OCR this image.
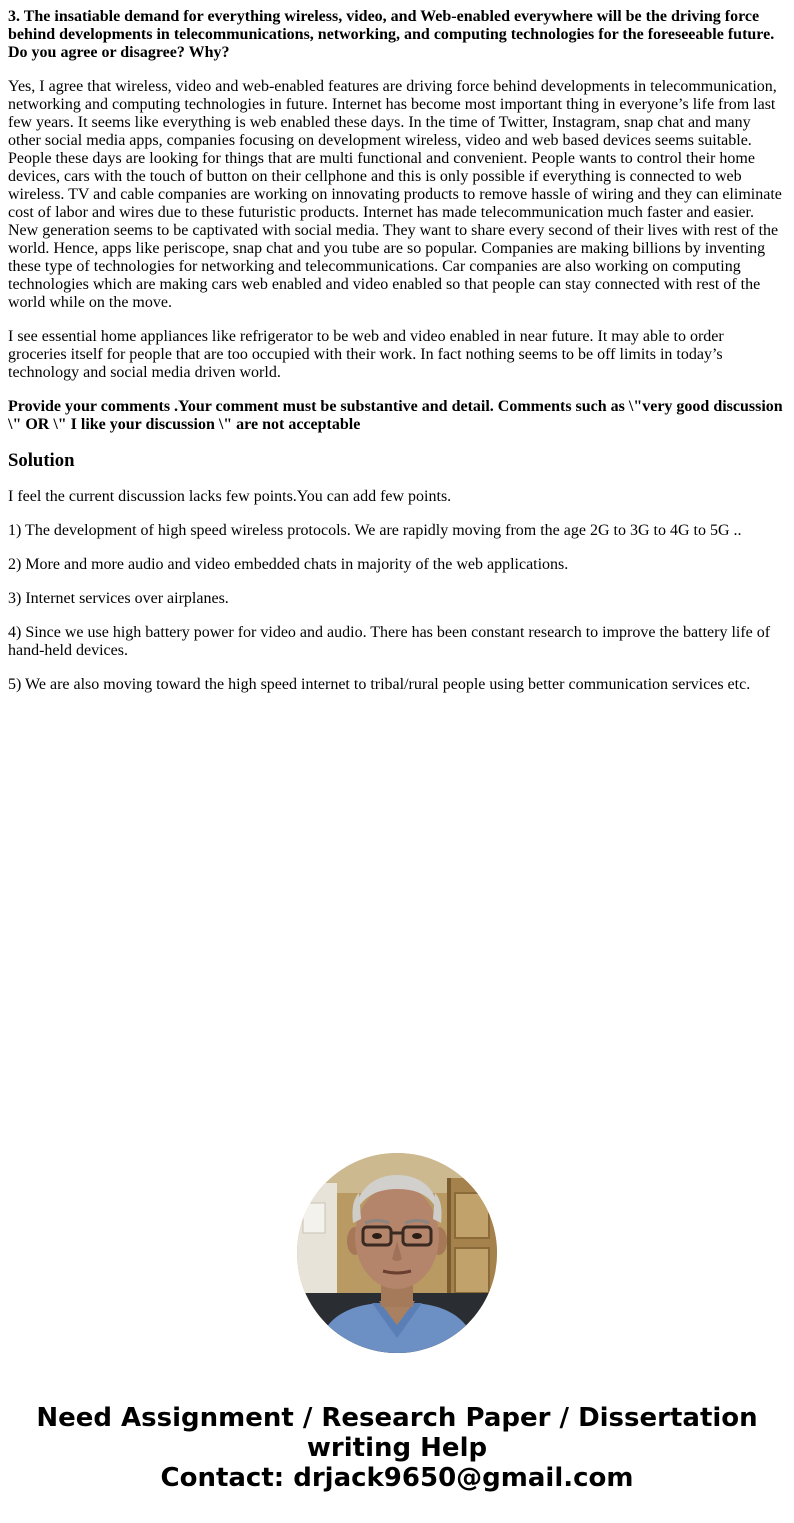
3. The insatiable demand for everything wireless, video, and Web-enabled everywhere will be the driving force behind developments in telecommunications, networking, and computing technologies for the foreseeable future. Do you agree or disagree? Why?

Yes, I agree that wireless, video and web-enabled features are driving force behind developments in telecommunication, networking and computing technologies in future. Internet has become most important thing in everyone’s life from last few years. It seems like everything is web enabled these days. In the time of Twitter, Instagram, snap chat and many other social media apps, companies focusing on development wireless, video and web based devices seems suitable. People these days are looking for things that are multi functional and convenient. People wants to control their home devices, cars with the touch of button on their cellphone and this is only possible if everything is connected to web wireless. TV and cable companies are working on innovating products to remove hassle of wiring and they can eliminate cost of labor and wires due to these futuristic products. Internet has made telecommunication much faster and easier. New generation seems to be captivated with social media. They want to share every second of their lives with rest of the world. Hence, apps like periscope, snap chat and you tube are so popular. Companies are making billions by inventing these type of technologies for networking and telecommunications. Car companies are also working on computing technologies which are making cars web enabled and video enabled so that people can stay connected with rest of the world while on the move.

I see essential home appliances like refrigerator to be web and video enabled in near future. It may able to order groceries itself for people that are too occupied with their work. In fact nothing seems to be off limits in today’s technology and social media driven world.

Provide your comments .Your comment must be substantive and detail. Comments such as \"very good discussion \" OR \" I like your discussion \" are not acceptable

Solution

I feel the current discussion lacks few points.You can add few points.

1) The development of high speed wireless protocols. We are rapidly moving from the age 2G to 3G to 4G to 5G ..

2) More and more audio and video embedded chats in majority of the web applications.

3) Internet services over airplanes.

4) Since we use high battery power for video and audio. There has been constant research to improve the battery life of hand-held devices.

5) We are also moving toward the high speed internet to tribal/rural people using better communication services etc.

Need Assignment / Research Paper / Dissertation
writing Help
Contact: drjack9650@gmail.com
